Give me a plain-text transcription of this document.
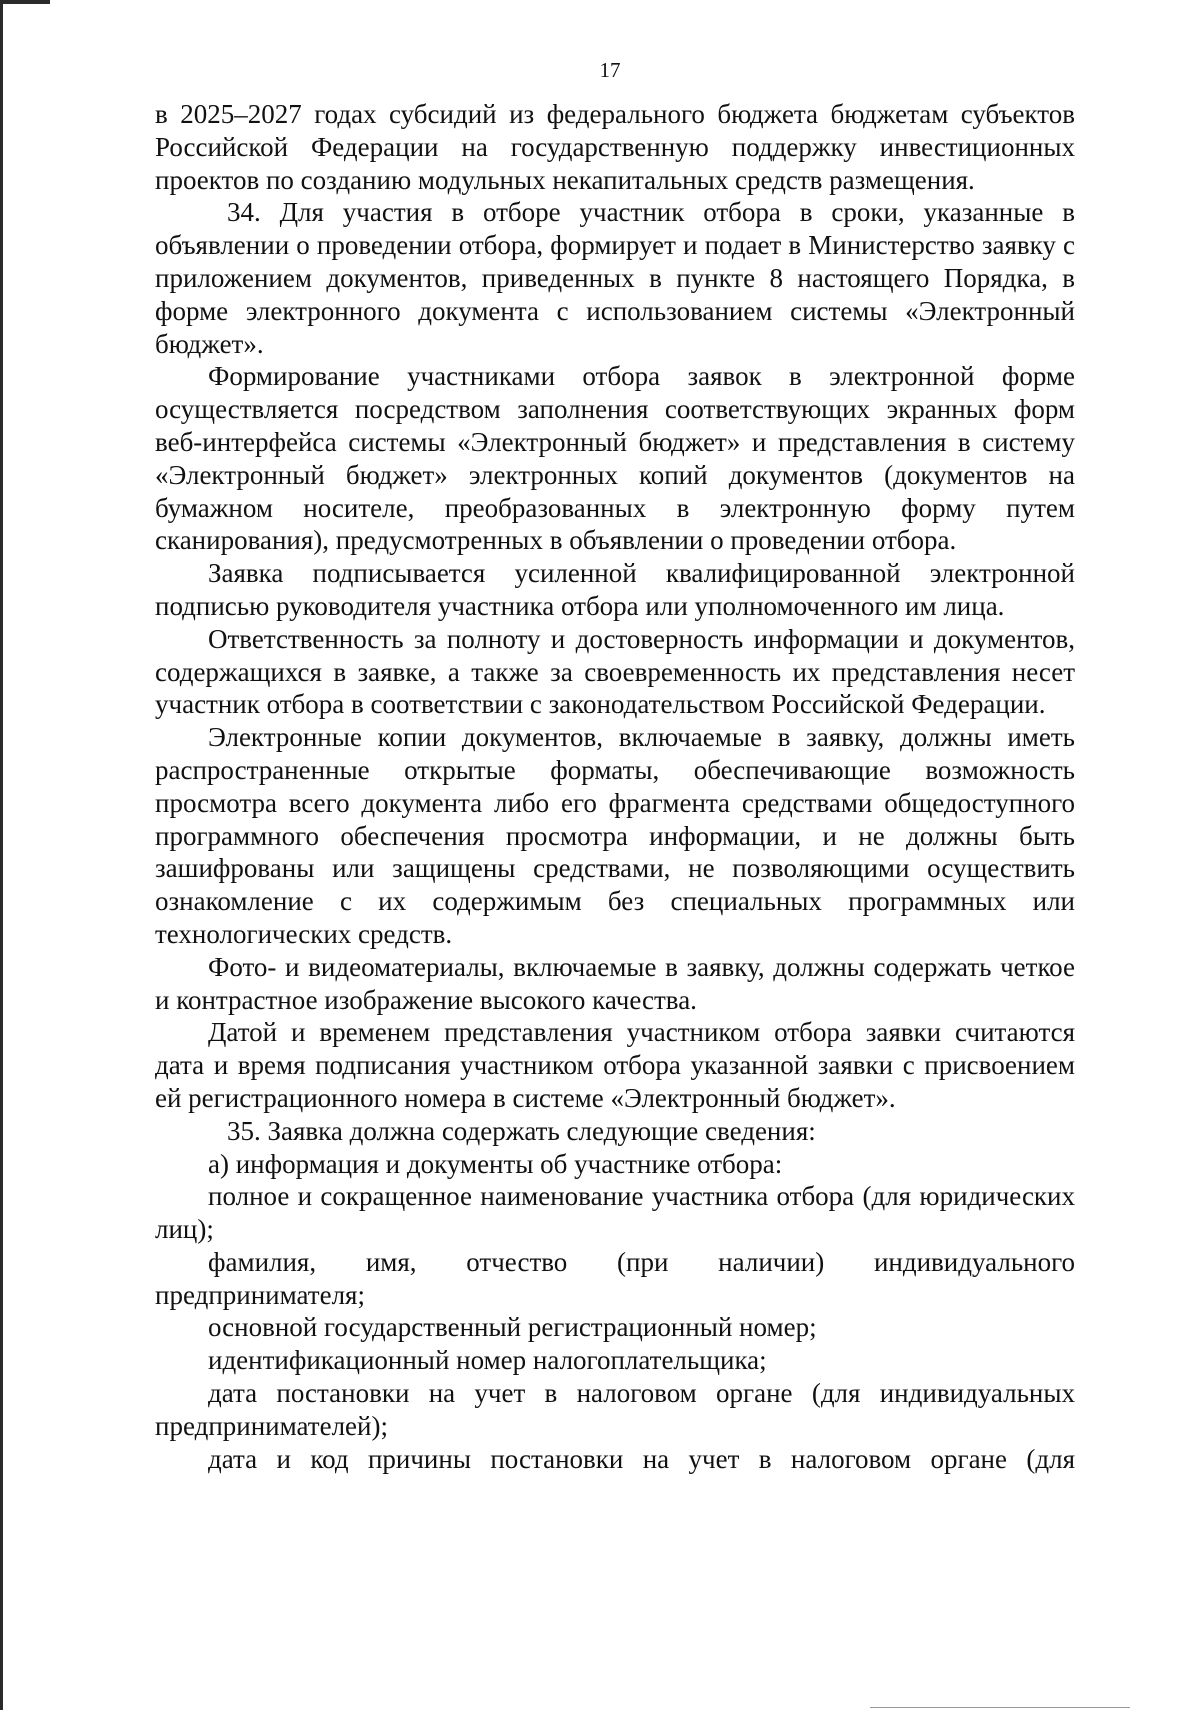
17

в 2025–2027 годах субсидий из федерального бюджета бюджетам субъектов Российской Федерации на государственную поддержку инвестиционных проектов по созданию модульных некапитальных средств размещения.

34. Для участия в отборе участник отбора в сроки, указанные в объявлении о проведении отбора, формирует и подает в Министерство заявку с приложением документов, приведенных в пункте 8 настоящего Порядка, в форме электронного документа с использованием системы «Электронный бюджет».

Формирование участниками отбора заявок в электронной форме осуществляется посредством заполнения соответствующих экранных форм веб-интерфейса системы «Электронный бюджет» и представления в систему «Электронный бюджет» электронных копий документов (документов на бумажном носителе, преобразованных в электронную форму путем сканирования), предусмотренных в объявлении о проведении отбора.

Заявка подписывается усиленной квалифицированной электронной подписью руководителя участника отбора или уполномоченного им лица.

Ответственность за полноту и достоверность информации и документов, содержащихся в заявке, а также за своевременность их представления несет участник отбора в соответствии с законодательством Российской Федерации.

Электронные копии документов, включаемые в заявку, должны иметь распространенные открытые форматы, обеспечивающие возможность просмотра всего документа либо его фрагмента средствами общедоступного программного обеспечения просмотра информации, и не должны быть зашифрованы или защищены средствами, не позволяющими осуществить ознакомление с их содержимым без специальных программных или технологических средств.

Фото- и видеоматериалы, включаемые в заявку, должны содержать четкое и контрастное изображение высокого качества.

Датой и временем представления участником отбора заявки считаются дата и время подписания участником отбора указанной заявки с присвоением ей регистрационного номера в системе «Электронный бюджет».

35. Заявка должна содержать следующие сведения:

а) информация и документы об участнике отбора:

полное и сокращенное наименование участника отбора (для юридических лиц);

фамилия, имя, отчество (при наличии) индивидуального предпринимателя;

основной государственный регистрационный номер;

идентификационный номер налогоплательщика;

дата постановки на учет в налоговом органе (для индивидуальных предпринимателей);

дата и код причины постановки на учет в налоговом органе (для
